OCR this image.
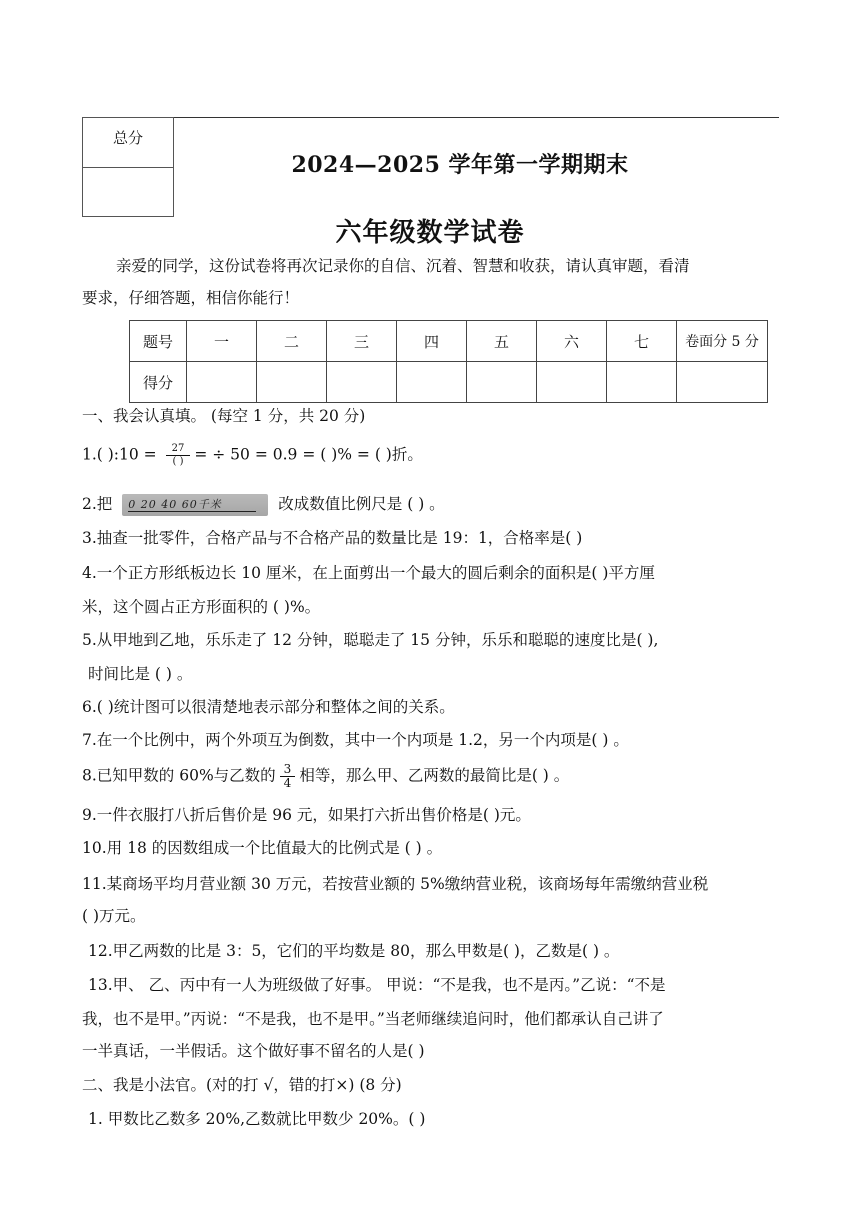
总分
2024—2025 学年第一学期期末
六年级数学试卷
亲爱的同学，这份试卷将再次记录你的自信、沉着、智慧和收获，请认真审题，看清
要求，仔细答题，相信你能行！
题号	一	二	三	四	五	六	七	卷面分 5 分
得分								
一、我会认真填。 (每空 1 分，共 20 分)
1.( ):10 = $\frac{27}{( )}$ = ÷ 50 = 0.9 = ( )% = ( )折。
2.把 0 20 40 60千米	改成数值比例尺是 ( ) 。
3.抽查一批零件，合格产品与不合格产品的数量比是 19：1，合格率是( )
4.一个正方形纸板边长 10 厘米，在上面剪出一个最大的圆后剩余的面积是( )平方厘
米，这个圆占正方形面积的 ( )%。
5.从甲地到乙地，乐乐走了 12 分钟，聪聪走了 15 分钟，乐乐和聪聪的速度比是( ),
时间比是 ( ) 。
6.( )统计图可以很清楚地表示部分和整体之间的关系。
7.在一个比例中，两个外项互为倒数，其中一个内项是 1.2，另一个内项是( ) 。
8.已知甲数的 60%与乙数的 $\frac{3}{4}$ 相等，那么甲、乙两数的最简比是( ) 。
9.一件衣服打八折后售价是 96 元，如果打六折出售价格是( )元。
10.用 18 的因数组成一个比值最大的比例式是 ( ) 。
11.某商场平均月营业额 30 万元，若按营业额的 5%缴纳营业税，该商场每年需缴纳营业税
( )万元。
12.甲乙两数的比是 3：5，它们的平均数是 80，那么甲数是( )，乙数是( ) 。
13.甲、 乙、丙中有一人为班级做了好事。 甲说：“不是我，也不是丙。”乙说：“不是
我，也不是甲。”丙说：“不是我，也不是甲。”当老师继续追问时，他们都承认自己讲了
一半真话，一半假话。这个做好事不留名的人是( )
二、我是小法官。(对的打 √，错的打×) (8 分)
1. 甲数比乙数多 20%,乙数就比甲数少 20%。( )
